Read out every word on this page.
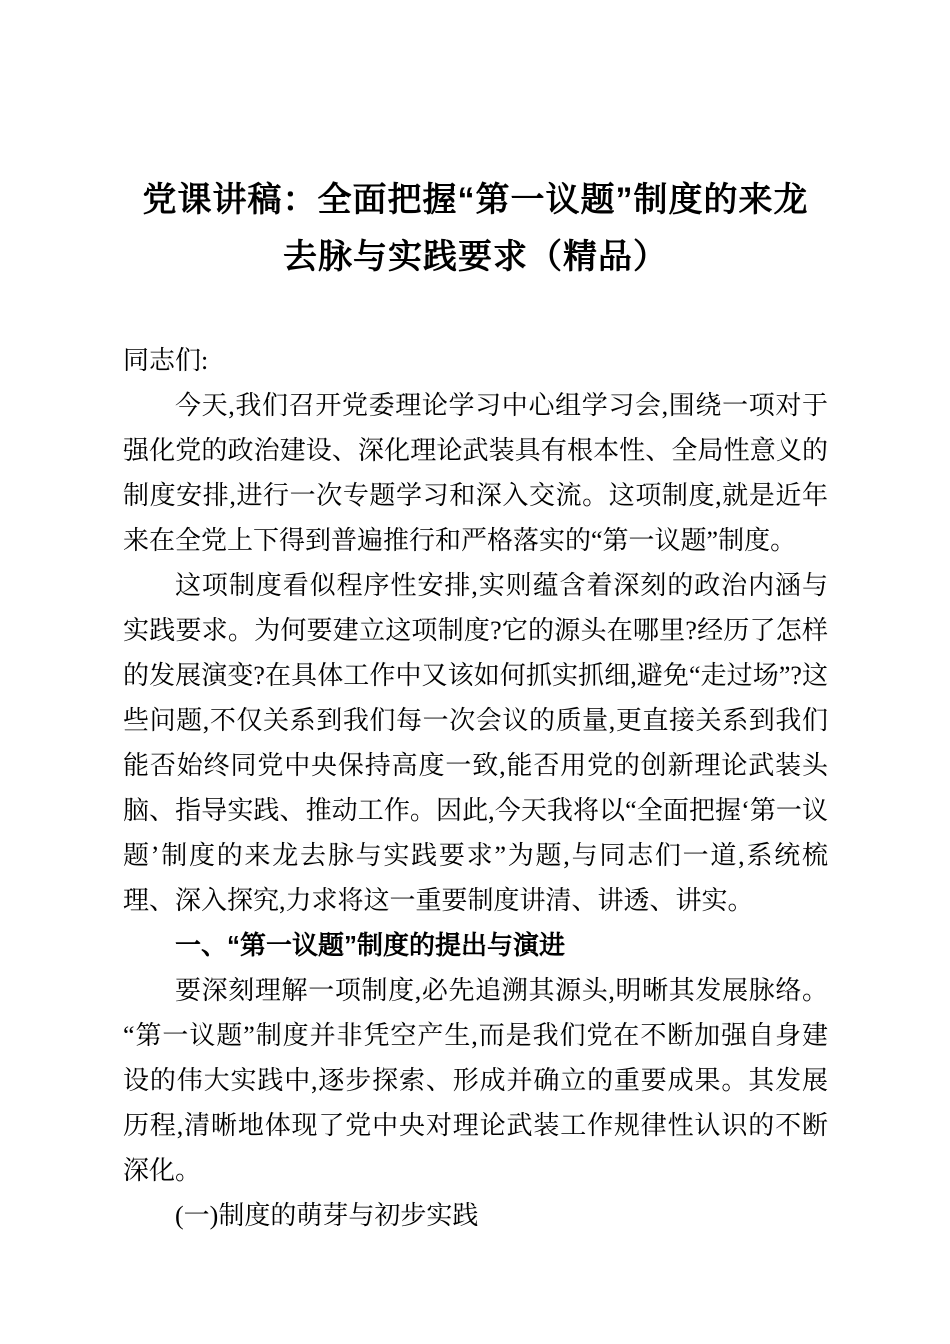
党课讲稿：全面把握“第一议题”制度的来龙
去脉与实践要求（精品）

同志们:

今天,我们召开党委理论学习中心组学习会,围绕一项对于强化党的政治建设、深化理论武装具有根本性、全局性意义的制度安排,进行一次专题学习和深入交流。这项制度,就是近年来在全党上下得到普遍推行和严格落实的“第一议题”制度。

这项制度看似程序性安排,实则蕴含着深刻的政治内涵与实践要求。为何要建立这项制度?它的源头在哪里?经历了怎样的发展演变?在具体工作中又该如何抓实抓细,避免“走过场”?这些问题,不仅关系到我们每一次会议的质量,更直接关系到我们能否始终同党中央保持高度一致,能否用党的创新理论武装头脑、指导实践、推动工作。因此,今天我将以“全面把握‘第一议题’制度的来龙去脉与实践要求”为题,与同志们一道,系统梳理、深入探究,力求将这一重要制度讲清、讲透、讲实。

一、“第一议题”制度的提出与演进

要深刻理解一项制度,必先追溯其源头,明晰其发展脉络。“第一议题”制度并非凭空产生,而是我们党在不断加强自身建设的伟大实践中,逐步探索、形成并确立的重要成果。其发展历程,清晰地体现了党中央对理论武装工作规律性认识的不断深化。

(一)制度的萌芽与初步实践
